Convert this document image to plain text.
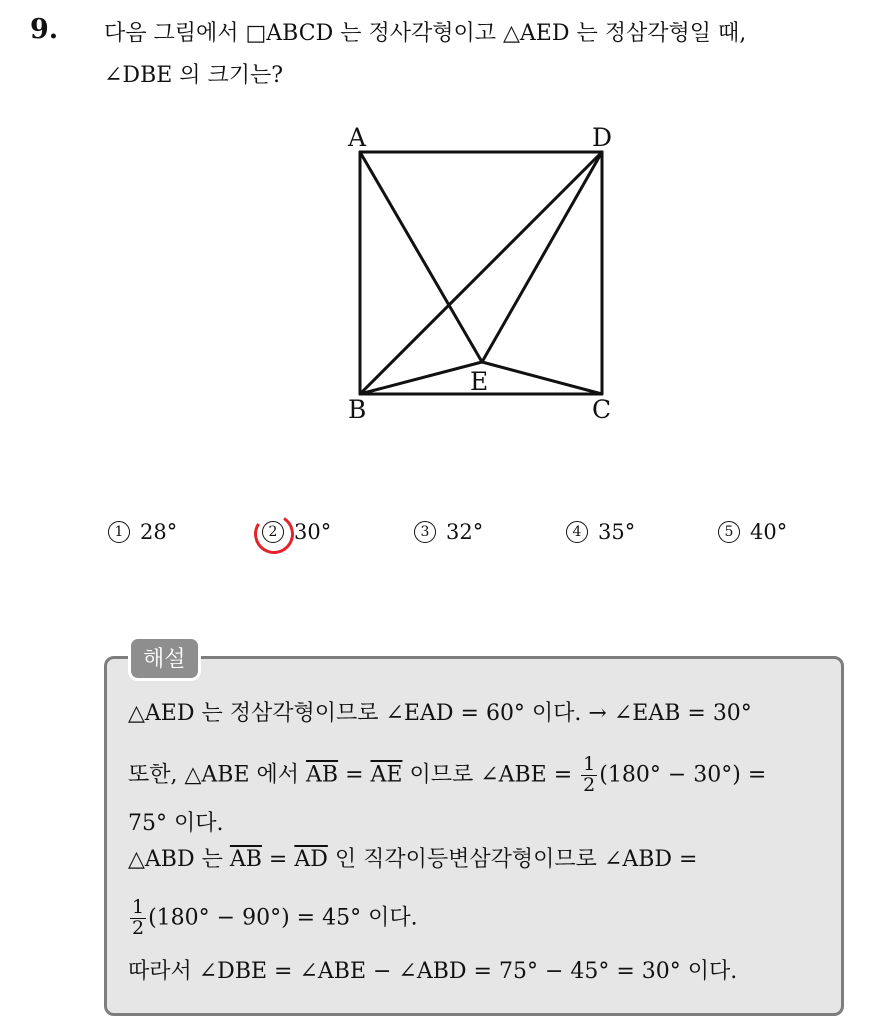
9. 다음 그림에서 □ABCD 는 정사각형이고 △AED 는 정삼각형일 때,
∠DBE 의 크기는?
A	D
B	C
E
1 28°	2 30°	3 32°	4 35°	5 40°
해설
△AED 는 정삼각형이므로 ∠EAD = 60° 이다. → ∠EAB = 30°
또한, △ABE 에서 $\overline{AB} = \overline{AE}$ 이므로 ∠ABE = $\frac{1}{2} (180^\circ - 30^\circ)$ =
75° 이다.
△ABD 는 $\overline{AB} = \overline{AD}$ 인 직각이등변삼각형이므로 ∠ABD =
$\frac{1}{2} (180^\circ - 90^\circ) = 45^\circ$ 이다.
따라서 ∠DBE = ∠ABE − ∠ABD = 75° − 45° = 30° 이다.
